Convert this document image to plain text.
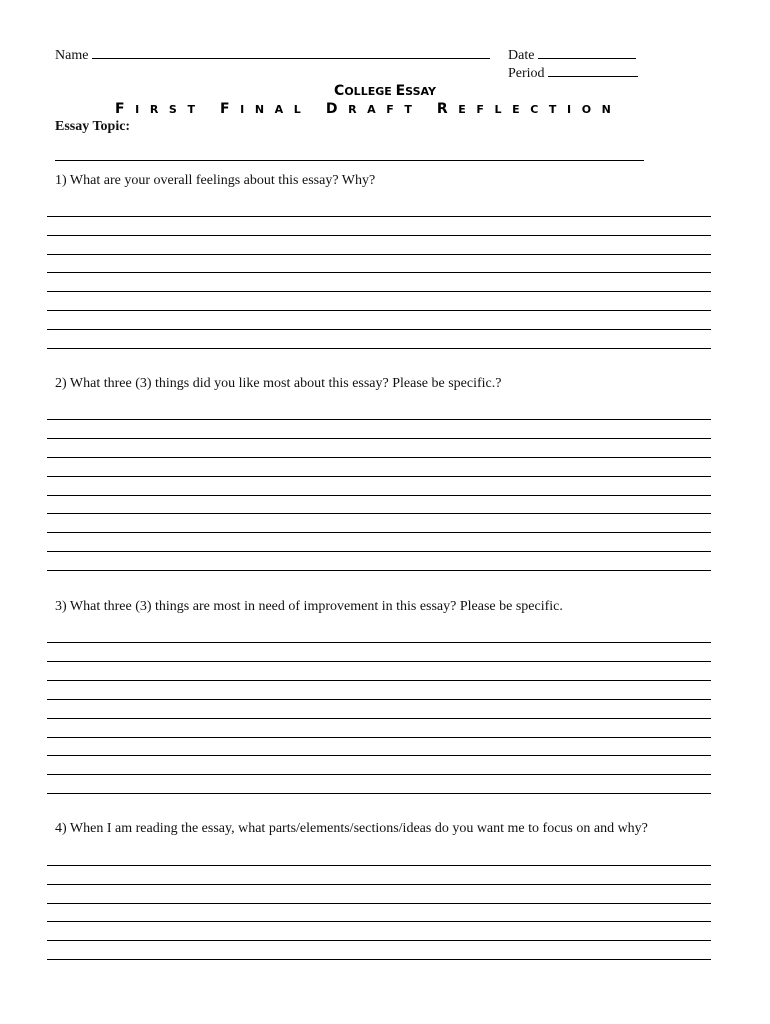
Name	Date
Period
COLLEGE ESSAY
FIRST FINAL DRAFT REFLECTION
Essay Topic:
1) What are your overall feelings about this essay? Why?
2) What three (3) things did you like most about this essay? Please be specific.?
3) What three (3) things are most in need of improvement in this essay? Please be specific.
4) When I am reading the essay, what parts/elements/sections/ideas do you want me to focus on and why?
